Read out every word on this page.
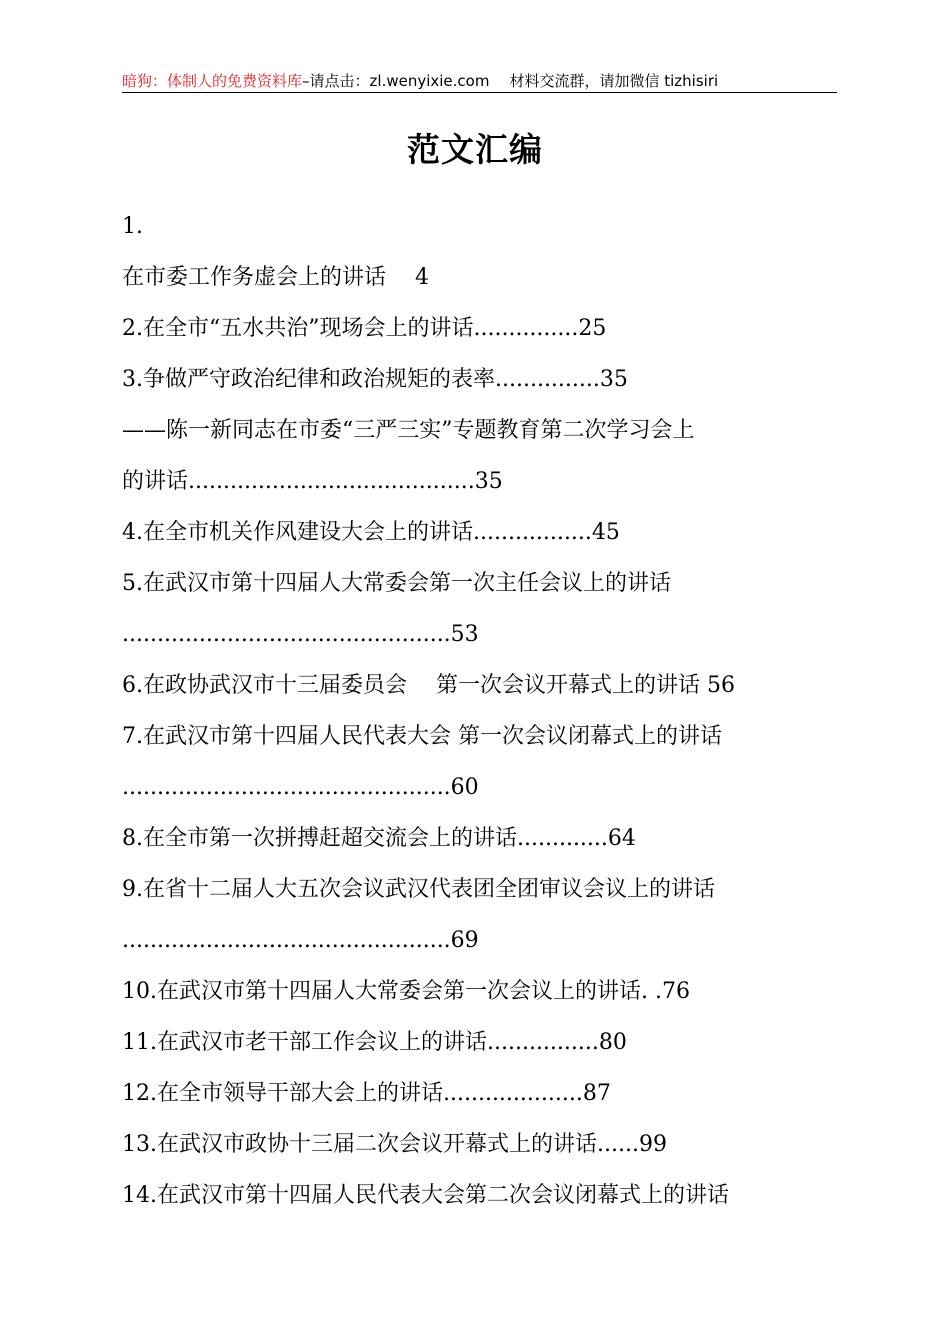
暗狗：体制人的免费资料库–请点击：zl.wenyixie.com 材料交流群，请加微信 tizhisiri
范文汇编
1.
在市委工作务虚会上的讲话　 4
2.在全市“五水共治”现场会上的讲话...............25
3.争做严守政治纪律和政治规矩的表率...............35
——陈一新同志在市委“三严三实”专题教育第二次学习会上
的讲话.........................................35
4.在全市机关作风建设大会上的讲话.................45
5.在武汉市第十四届人大常委会第一次主任会议上的讲话
...............................................53
6.在政协武汉市十三届委员会　 第一次会议开幕式上的讲话 56
7.在武汉市第十四届人民代表大会 第一次会议闭幕式上的讲话
...............................................60
8.在全市第一次拼搏赶超交流会上的讲话.............64
9.在省十二届人大五次会议武汉代表团全团审议会议上的讲话
...............................................69
10.在武汉市第十四届人大常委会第一次会议上的讲话. .76
11.在武汉市老干部工作会议上的讲话................80
12.在全市领导干部大会上的讲话....................87
13.在武汉市政协十三届二次会议开幕式上的讲话......99
14.在武汉市第十四届人民代表大会第二次会议闭幕式上的讲话
